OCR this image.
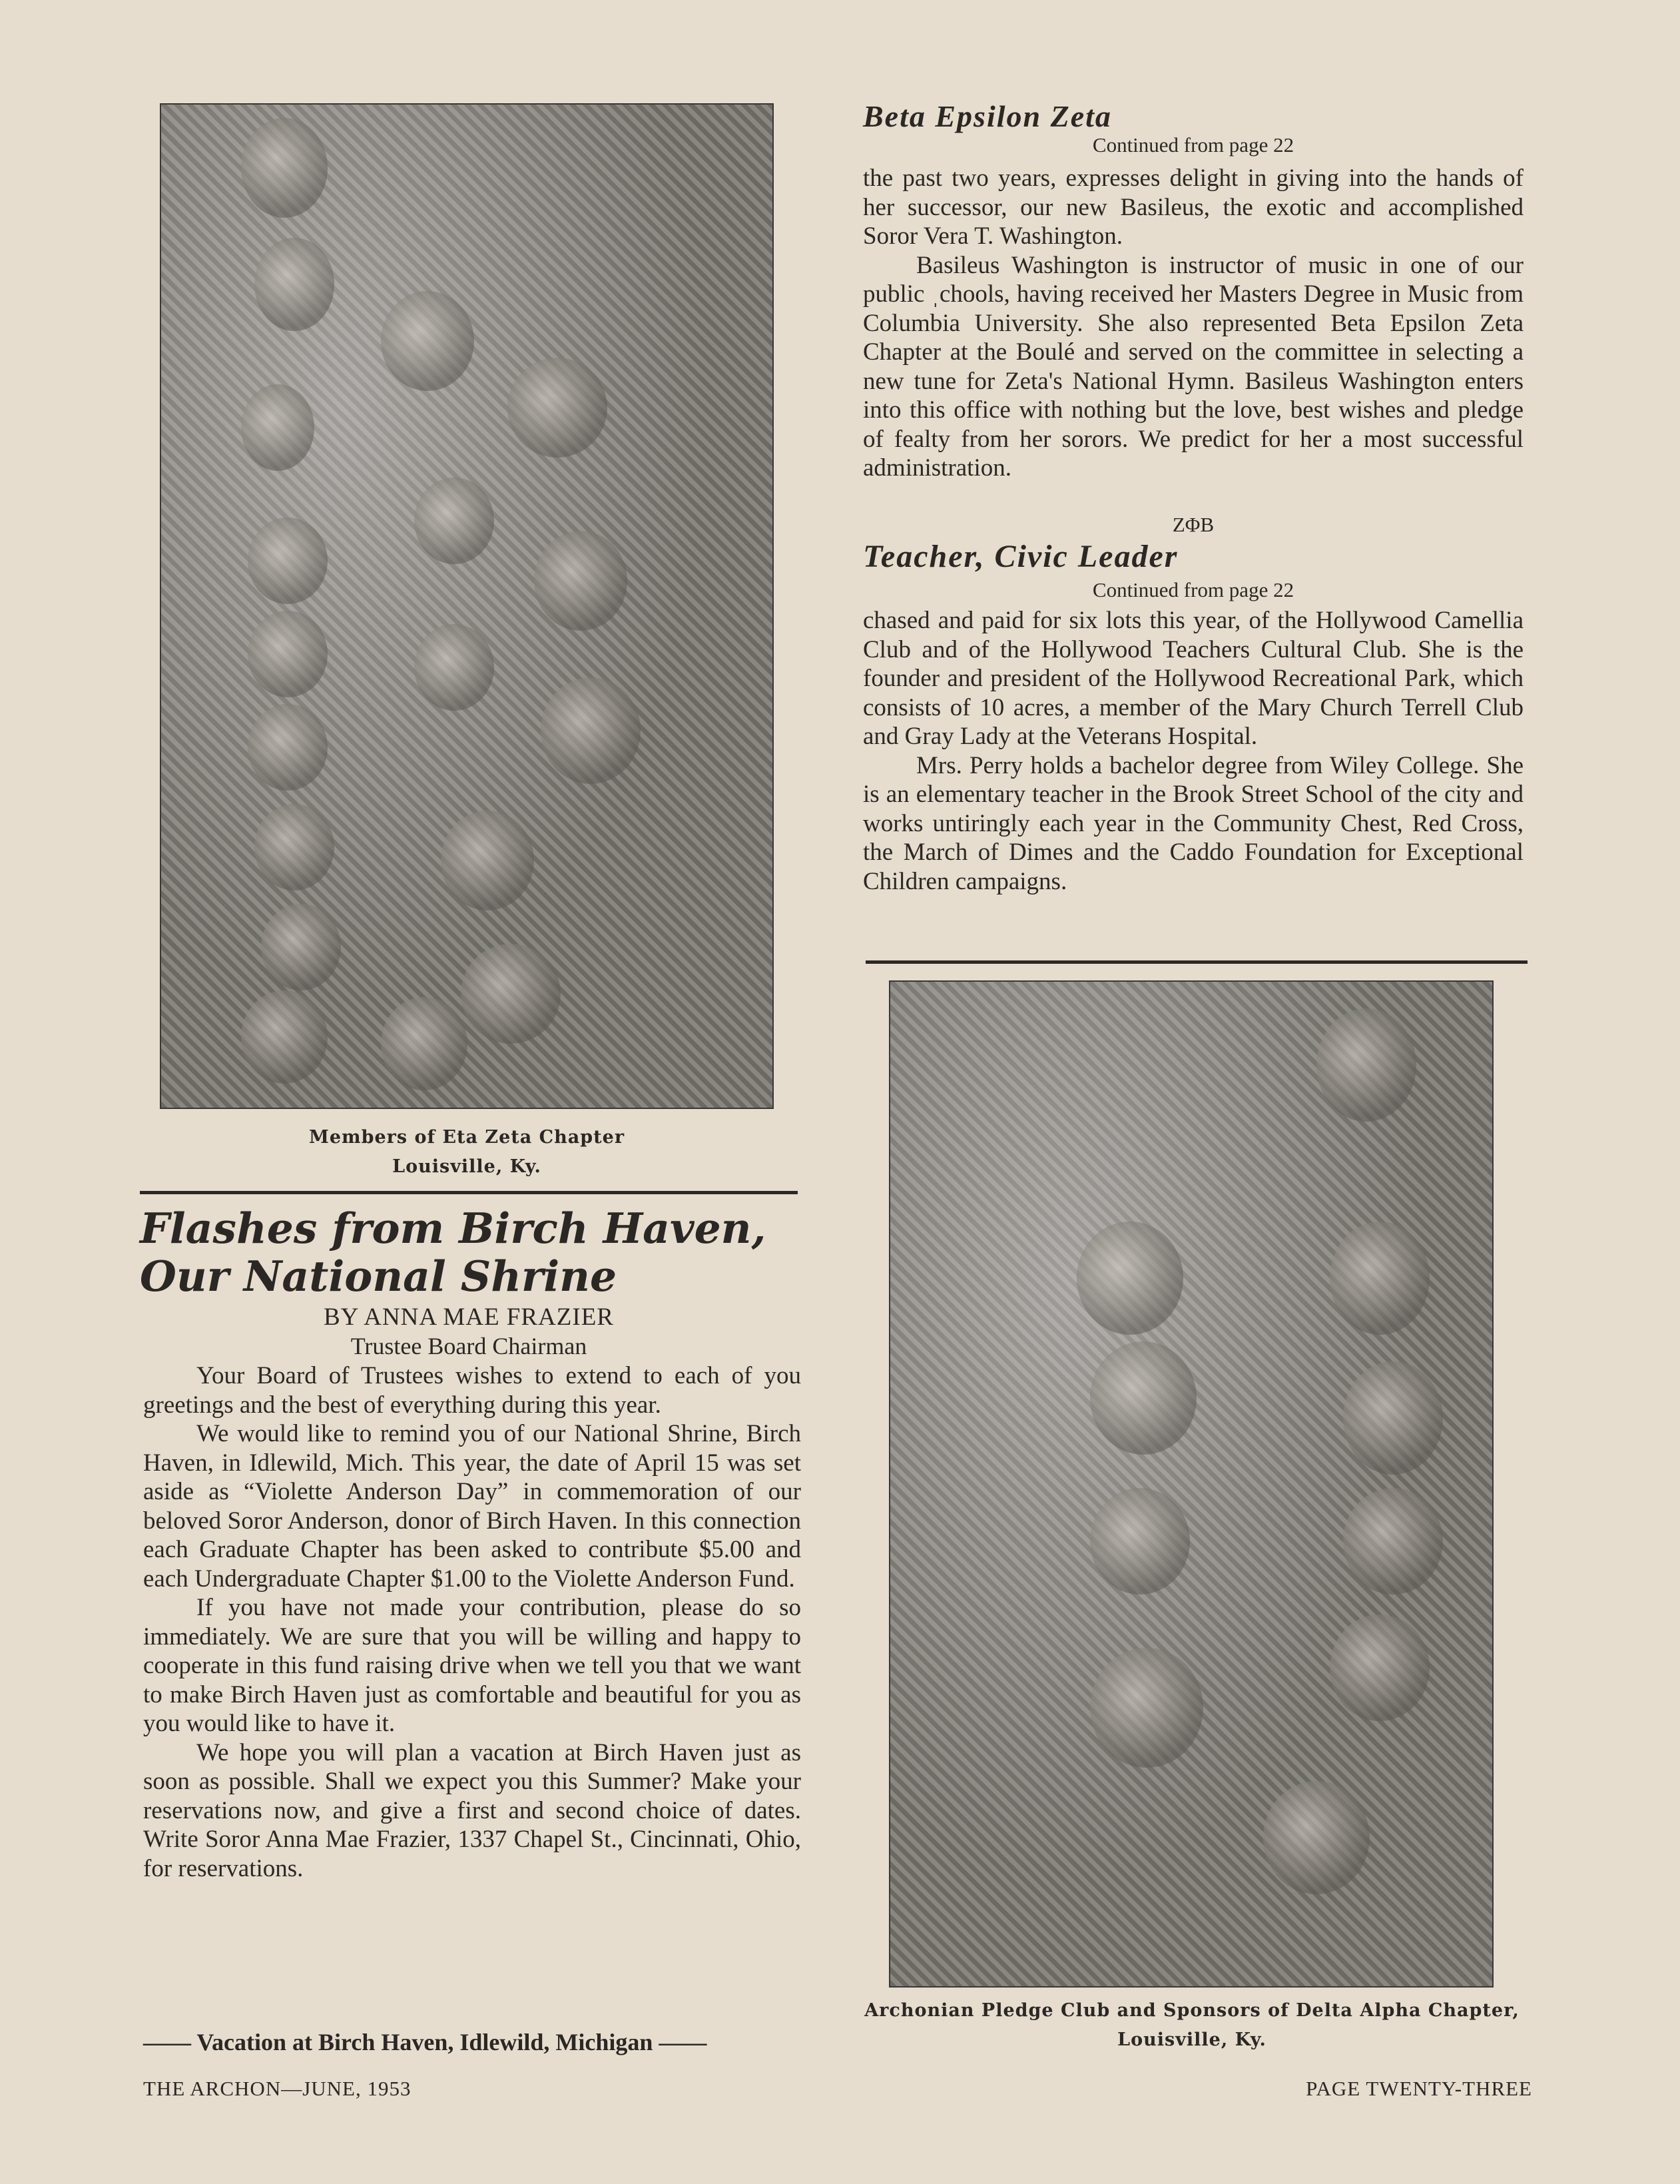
Members of Eta Zeta Chapter
Louisville, Ky.
Flashes from Birch Haven,
Our National Shrine
BY ANNA MAE FRAZIER
Trustee Board Chairman

Your Board of Trustees wishes to extend to each of you greetings and the best of everything during this year.

We would like to remind you of our National Shrine, Birch Haven, in Idlewild, Mich. This year, the date of April 15 was set aside as “Violette Anderson Day” in commemoration of our beloved Soror Anderson, donor of Birch Haven. In this connection each Graduate Chapter has been asked to contribute $5.00 and each Undergraduate Chapter $1.00 to the Violette Anderson Fund.

If you have not made your contribution, please do so immediately. We are sure that you will be willing and happy to cooperate in this fund raising drive when we tell you that we want to make Birch Haven just as comfortable and beautiful for you as you would like to have it.

We hope you will plan a vacation at Birch Haven just as soon as possible. Shall we expect you this Summer? Make your reservations now, and give a first and second choice of dates. Write Soror Anna Mae Frazier, 1337 Chapel St., Cincinnati, Ohio, for reservations.

—— Vacation at Birch Haven, Idlewild, Michigan ——
Beta Epsilon Zeta
Continued from page 22

the past two years, expresses delight in giving into the hands of her successor, our new Basileus, the exotic and accomplished Soror Vera T. Washington.

Basileus Washington is instructor of music in one of our public ˌchools, having received her Masters Degree in Music from Columbia University. She also represented Beta Epsilon Zeta Chapter at the Boulé and served on the committee in selecting a new tune for Zeta's National Hymn. Basileus Washington enters into this office with nothing but the love, best wishes and pledge of fealty from her sorors. We predict for her a most successful administration.

ZΦB
Teacher, Civic Leader
Continued from page 22

chased and paid for six lots this year, of the Hollywood Camellia Club and of the Hollywood Teachers Cultural Club. She is the founder and president of the Hollywood Recreational Park, which consists of 10 acres, a member of the Mary Church Terrell Club and Gray Lady at the Veterans Hospital.

Mrs. Perry holds a bachelor degree from Wiley College. She is an elementary teacher in the Brook Street School of the city and works untiringly each year in the Community Chest, Red Cross, the March of Dimes and the Caddo Foundation for Exceptional Children campaigns.

Archonian Pledge Club and Sponsors of Delta Alpha Chapter,
Louisville, Ky.
THE ARCHON—JUNE, 1953	PAGE TWENTY-THREE
